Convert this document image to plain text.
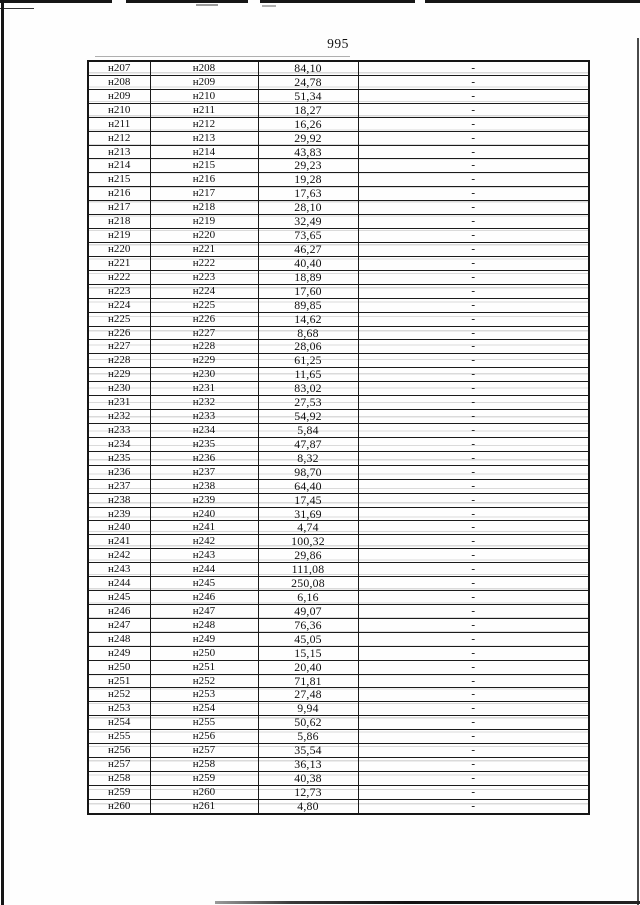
995
н207	н208	84,10	-
н208	н209	24,78	-
н209	н210	51,34	-
н210	н211	18,27	-
н211	н212	16,26	-
н212	н213	29,92	-
н213	н214	43,83	-
н214	н215	29,23	-
н215	н216	19,28	-
н216	н217	17,63	-
н217	н218	28,10	-
н218	н219	32,49	-
н219	н220	73,65	-
н220	н221	46,27	-
н221	н222	40,40	-
н222	н223	18,89	-
н223	н224	17,60	-
н224	н225	89,85	-
н225	н226	14,62	-
н226	н227	8,68	-
н227	н228	28,06	-
н228	н229	61,25	-
н229	н230	11,65	-
н230	н231	83,02	-
н231	н232	27,53	-
н232	н233	54,92	-
н233	н234	5,84	-
н234	н235	47,87	-
н235	н236	8,32	-
н236	н237	98,70	-
н237	н238	64,40	-
н238	н239	17,45	-
н239	н240	31,69	-
н240	н241	4,74	-
н241	н242	100,32	-
н242	н243	29,86	-
н243	н244	111,08	-
н244	н245	250,08	-
н245	н246	6,16	-
н246	н247	49,07	-
н247	н248	76,36	-
н248	н249	45,05	-
н249	н250	15,15	-
н250	н251	20,40	-
н251	н252	71,81	-
н252	н253	27,48	-
н253	н254	9,94	-
н254	н255	50,62	-
н255	н256	5,86	-
н256	н257	35,54	-
н257	н258	36,13	-
н258	н259	40,38	-
н259	н260	12,73	-
н260	н261	4,80	-
